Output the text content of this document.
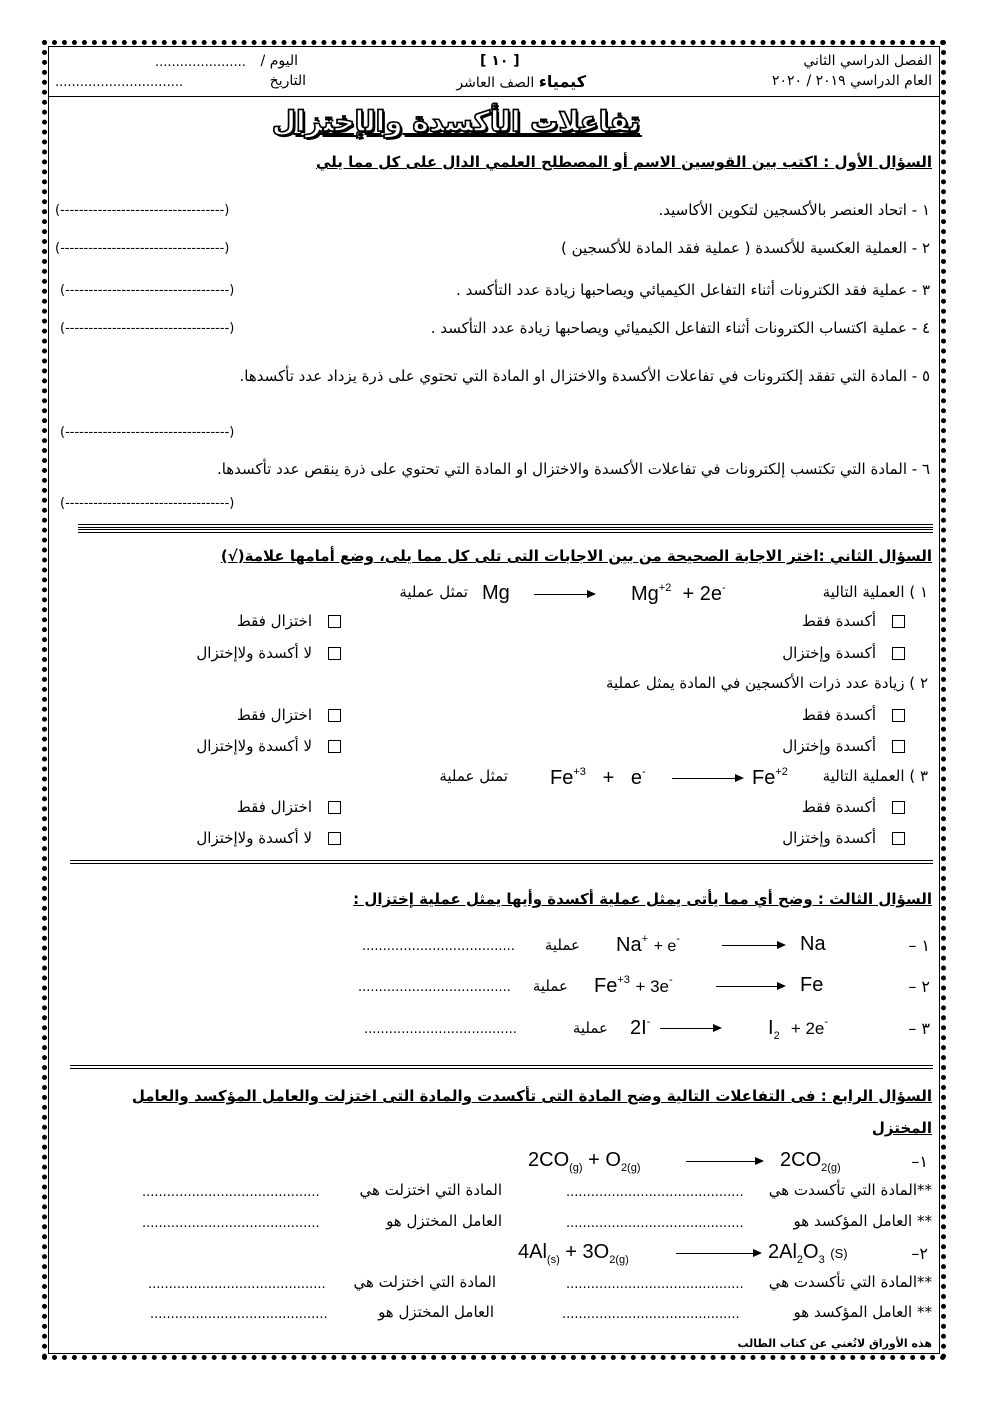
الفصل الدراسي الثاني
العام الدراسي ٢٠١٩ / ٢٠٢٠
[ ١٠ ]
كيمياء الصف العاشر
اليوم /
......................
التاريخ
...............................
تفاعلات الأكسدة والإختزال
السؤال الأول : اكتب بين القوسين الاسم أو المصطلح العلمي الدال على كل مما يلي
١ - اتحاد العنصر بالأكسجين لتكوين الأكاسيد.
(-----------------------------------)
٢ - العملية العكسية للأكسدة ( عملية فقد المادة للأكسجين )
(-----------------------------------)
٣ - عملية فقد الكترونات أثناء التفاعل الكيميائي ويصاحبها زيادة عدد التأكسد .
(-----------------------------------)
٤ - عملية اكتساب الكترونات أثناء التفاعل الكيميائي ويصاحبها زيادة عدد التأكسد .
(-----------------------------------)
٥ - المادة التي تفقد إلكترونات في تفاعلات الأكسدة والاختزال او المادة التي تحتوي على ذرة يزداد عدد تأكسدها.
(-----------------------------------)
٦ - المادة التي تكتسب إلكترونات في تفاعلات الأكسدة والاختزال او المادة التي تحتوي على ذرة ينقص عدد تأكسدها.
(-----------------------------------)
السؤال الثاني :اختر الاجابة الصحيحة من بين الاجابات التى تلى كل مما يلى، وضع أمامها علامة(√)
١ ) العملية التالية
$Mg^{+2} + 2e^-$
Mg
تمثل عملية
أكسدة فقط
أكسدة وإختزال
اختزال فقط
لا أكسدة ولاإختزال
٢ ) زيادة عدد ذرات الأكسجين في المادة يمثل عملية
أكسدة فقط
أكسدة وإختزال
اختزال فقط
لا أكسدة ولاإختزال
٣ ) العملية التالية
$Fe^{+2}$
$Fe^{+3} + e^-$
تمثل عملية
أكسدة فقط
أكسدة وإختزال
اختزال فقط
لا أكسدة ولاإختزال
السؤال الثالث : وضح أي مما يأتى يمثل عملية أكسدة وأيها يمثل عملية إختزال :
١ –
Na
Na+ + e-
عملية
.....................................
٢ –
Fe
$Fe^{+3} + 3e^-$
عملية
.....................................
٣ –
$I_2 + 2e^-$
2I-
عملية
.....................................
السؤال الرابع : فى التفاعلات التالية وضح المادة التى تأكسدت والمادة التى اختزلت والعامل المؤكسد والعامل
المختزل
١–
$2CO_{(g)} + O_{2(g)}$	$2CO_{2(g)}$
**المادة التي تأكسدت هي
...........................................
المادة التي اختزلت هي
...........................................
** العامل المؤكسد هو
...........................................
العامل المختزل هو
...........................................
٢–
$4Al_{(s)} + 3O_{2(g)}$	$2Al_2O_3$ (S)
**المادة التي تأكسدت هي
...........................................
المادة التي اختزلت هي
...........................................
** العامل المؤكسد هو
...........................................
العامل المختزل هو
...........................................
هذه الأوراق لاتُغني عن كتاب الطالب
